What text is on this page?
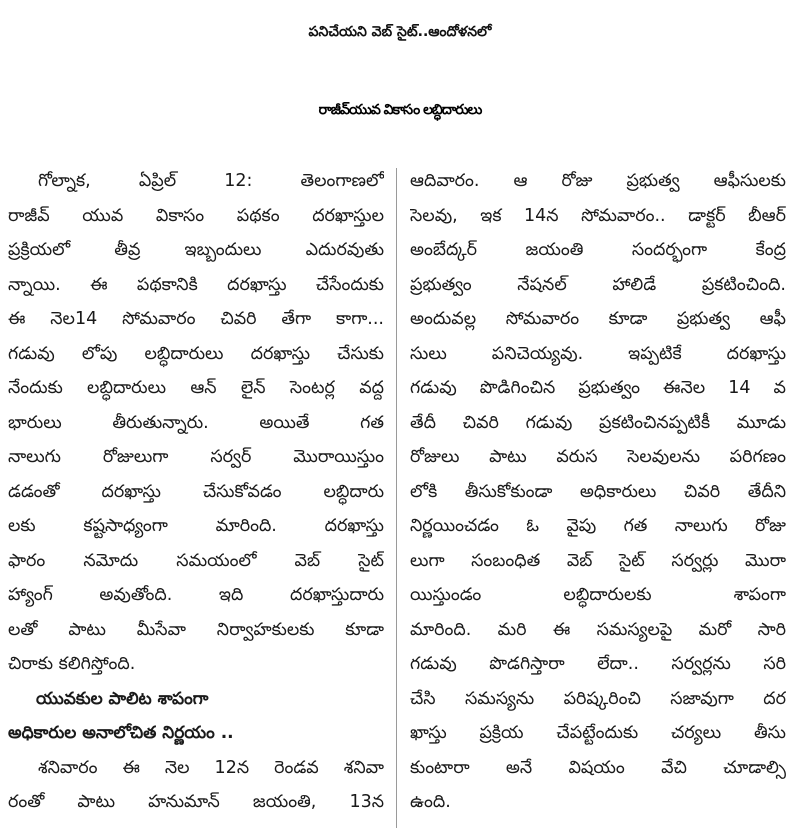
పనిచేయని వెబ్ సైట్..ఆందోళనలో
రాజీవ్‌యువ వికాసం లబ్ధిదారులు
గోల్నాక, ఏప్రిల్ 12: తెలంగాణలో
రాజీవ్ యువ వికాసం పథకం దరఖాస్తుల
ప్రక్రియలో తీవ్ర ఇబ్బందులు ఎదురవుతు
న్నాయి. ఈ పథకానికి దరఖాస్తు చేసేందుకు
ఈ నెల14 సోమవారం చివరి తేగా కాగా...
గడువు లోపు లబ్ధిదారులు దరఖాస్తు చేసుకు
నేందుకు లబ్ధిదారులు ఆన్ లైన్ సెంటర్ల వద్ద
భారులు తీరుతున్నారు. అయితే గత
నాలుగు రోజులుగా సర్వర్ మొరాయిస్తుం
డడంతో దరఖాస్తు చేసుకోవడం లబ్ధిదారు
లకు కష్టసాధ్యంగా మారింది. దరఖాస్తు
ఫారం నమోదు సమయంలో వెబ్ సైట్
హ్యాంగ్ అవుతోంది. ఇది దరఖాస్తుదారు
లతో పాటు మీసేవా నిర్వాహకులకు కూడా
చిరాకు కలిగిస్తోంది.
యువకుల పాలిట శాపంగా
అధికారుల అనాలోచిత నిర్ణయం ..
శనివారం ఈ నెల 12న రెండవ శనివా
రంతో పాటు హనుమాన్ జయంతి, 13న
ఆదివారం. ఆ రోజు ప్రభుత్వ ఆఫీసులకు
సెలవు, ఇక 14న సోమవారం.. డాక్టర్ బీఆర్
అంబేద్కర్ జయంతి సందర్భంగా కేంద్ర
ప్రభుత్వం నేషనల్ హాలిడే ప్రకటించింది.
అందువల్ల సోమవారం కూడా ప్రభుత్వ ఆఫీ
సులు పనిచెయ్యవు. ఇప్పటికే దరఖాస్తు
గడువు పొడిగించిన ప్రభుత్వం ఈనెల 14 వ
తేదీ చివరి గడువు ప్రకటించినప్పటికీ మూడు
రోజులు పాటు వరుస సెలవులను పరిగణం
లోకి తీసుకోకుండా అధికారులు చివరి తేదీని
నిర్ణయించడం ఓ వైపు గత నాలుగు రోజు
లుగా సంబంధిత వెబ్ సైట్ సర్వర్లు మొరా
యిస్తుండం లబ్ధిదారులకు శాపంగా
మారింది. మరి ఈ సమస్యలపై మరో సారి
గడువు పొడగిస్తారా లేదా.. సర్వర్లను సరి
చేసి సమస్యను పరిష్కరించి సజావుగా దర
ఖాస్తు ప్రక్రియ చేపట్టేందుకు చర్యలు తీసు
కుంటారా అనే విషయం వేచి చూడాల్సి
ఉంది.
